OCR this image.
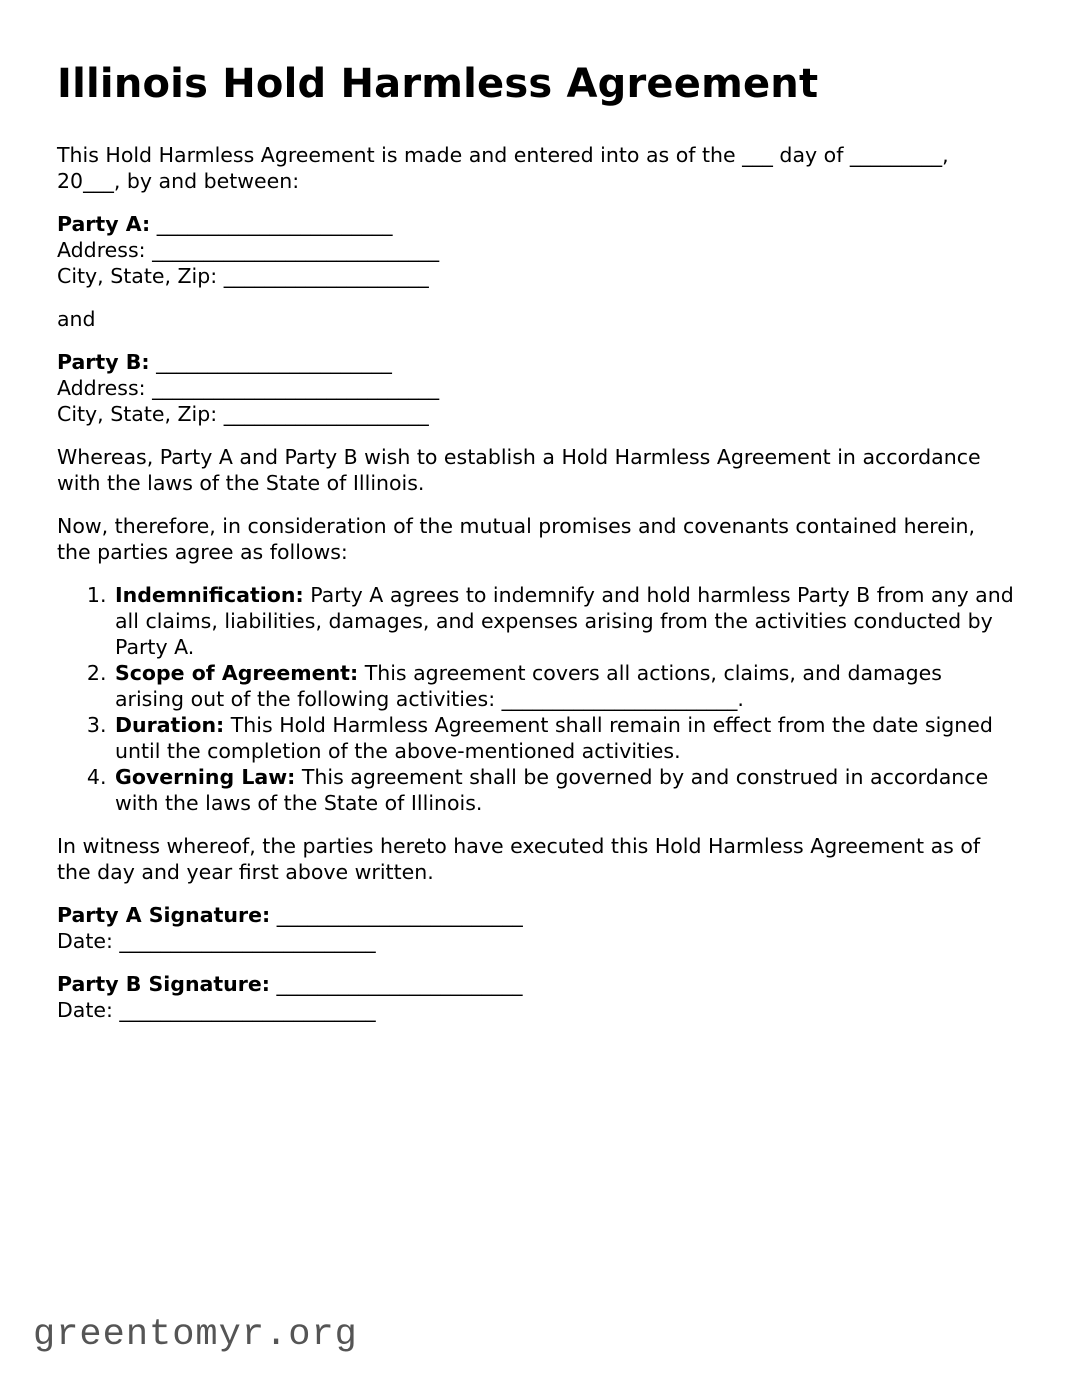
Illinois Hold Harmless Agreement

This Hold Harmless Agreement is made and entered into as of the ___ day of _________, 20___, by and between:

Party A: _______________________
Address: ____________________________
City, State, Zip: ____________________
and
Party B: _______________________
Address: ____________________________
City, State, Zip: ____________________

Whereas, Party A and Party B wish to establish a Hold Harmless Agreement in accordance with the laws of the State of Illinois.

Now, therefore, in consideration of the mutual promises and covenants contained herein, the parties agree as follows:

1. Indemnification: Party A agrees to indemnify and hold harmless Party B from any and all claims, liabilities, damages, and expenses arising from the activities conducted by Party A.
2. Scope of Agreement: This agreement covers all actions, claims, and damages arising out of the following activities: _______________________.
3. Duration: This Hold Harmless Agreement shall remain in effect from the date signed until the completion of the above-mentioned activities.
4. Governing Law: This agreement shall be governed by and construed in accordance with the laws of the State of Illinois.

In witness whereof, the parties hereto have executed this Hold Harmless Agreement as of the day and year first above written.

Party A Signature: ________________________
Date: _________________________
Party B Signature: ________________________
Date: _________________________
greentomyr.org
